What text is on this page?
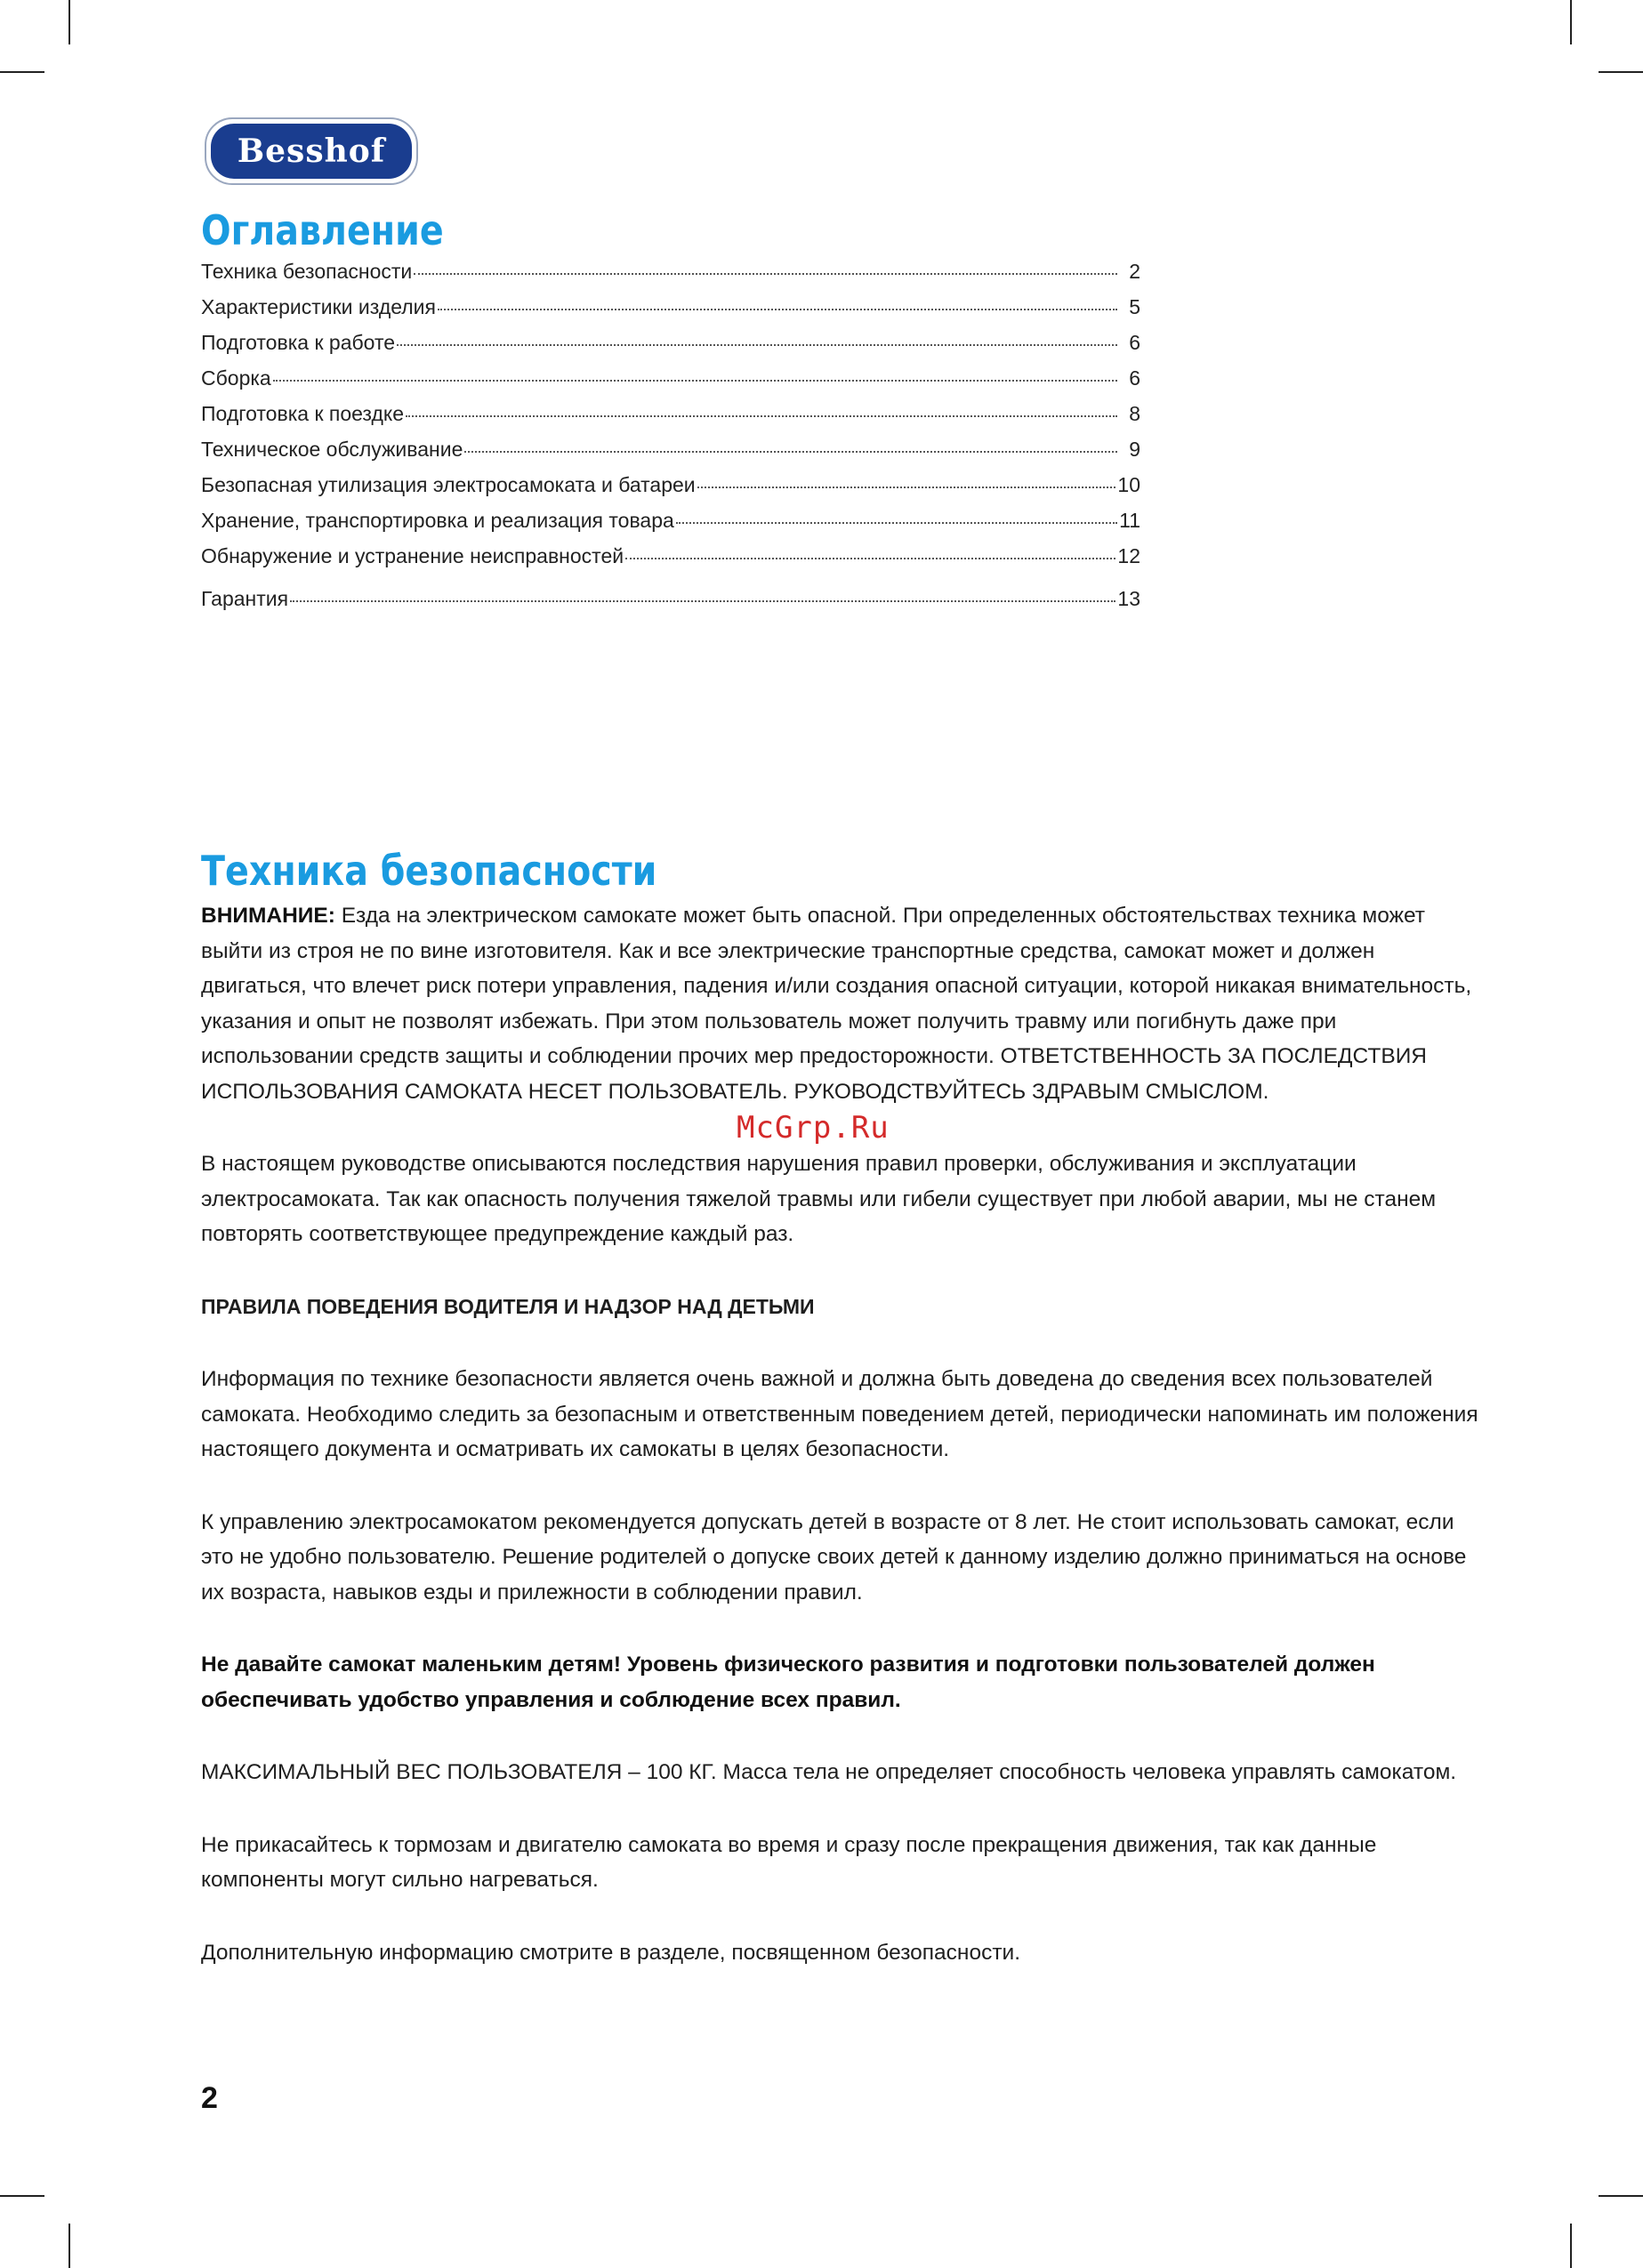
Besshof
Оглавление
Техника безопасности	2
Характеристики изделия	5
Подготовка к работе	6
Сборка	6
Подготовка к поездке	8
Техническое обслуживание	9
Безопасная утилизация электросамоката и батареи	10
Хранение, транспортировка и реализация товара	11
Обнаружение и устранение неисправностей	12
Гарантия	13
Техника безопасности

ВНИМАНИЕ: Езда на электрическом самокате может быть опасной. При определенных обстоятельствах техника может выйти из строя не по вине изготовителя. Как и все электрические транспортные средства, самокат может и должен двигаться, что влечет риск потери управления, падения и/или создания опасной ситуации, которой никакая внимательность, указания и опыт не позволят избежать. При этом пользователь может получить травму или погибнуть даже при использовании средств защиты и соблюдении прочих мер предосторожности. ОТВЕТСТВЕННОСТЬ ЗА ПОСЛЕДСТВИЯ ИСПОЛЬЗОВАНИЯ САМОКАТА НЕСЕТ ПОЛЬЗОВАТЕЛЬ. РУКОВОДСТВУЙТЕСЬ ЗДРАВЫМ СМЫСЛОМ.

В настоящем руководстве описываются последствия нарушения правил проверки, обслуживания и эксплуатации электросамоката. Так как опасность получения тяжелой травмы или гибели существует при любой аварии, мы не станем повторять соответствующее предупреждение каждый раз.

ПРАВИЛА ПОВЕДЕНИЯ ВОДИТЕЛЯ И НАДЗОР НАД ДЕТЬМИ

Информация по технике безопасности является очень важной и должна быть доведена до сведения всех пользователей самоката. Необходимо следить за безопасным и ответственным поведением детей, периодически напоминать им положения настоящего документа и осматривать их самокаты в целях безопасности.

К управлению электросамокатом рекомендуется допускать детей в возрасте от 8 лет. Не стоит использовать самокат, если это не удобно пользователю. Решение родителей о допуске своих детей к данному изделию должно приниматься на основе их возраста, навыков езды и прилежности в соблюдении правил.

Не давайте самокат маленьким детям! Уровень физического развития и подготовки пользователей должен обеспечивать удобство управления и соблюдение всех правил.

МАКСИМАЛЬНЫЙ ВЕС ПОЛЬЗОВАТЕЛЯ – 100 КГ. Масса тела не определяет способность человека управлять самокатом.

Не прикасайтесь к тормозам и двигателю самоката во время и сразу после прекращения движения, так как данные компоненты могут сильно нагреваться.

Дополнительную информацию смотрите в разделе, посвященном безопасности.

McGrp.Ru
2
